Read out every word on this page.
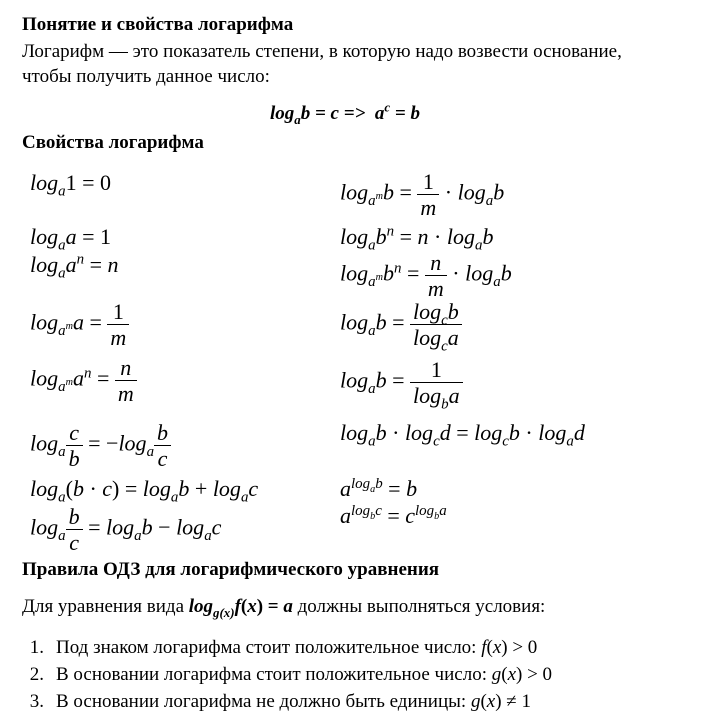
Понятие и свойства логарифма
Логарифм — это показатель степени, в которую надо возвести основание,
чтобы получить данное число:
$\log_ab = c => a^c = b$
Свойства логарифма
$\log_a1 = 0$
$\log_aa = 1$
$\log_aa^n = n$
$\log_{a^m}a = \frac{1}{m}$
$\log_{a^m}a^n = \frac{n}{m}$
$\log_a \frac{c}{b} = -\log_a \frac{b}{c}$
$\log_a(b \cdot c) = \log_ab + \log_ac$
$\log_a \frac{b}{c} = \log_ab - \log_ac$
$\log_{a^m}b = \frac{1}{m} \cdot \log_ab$
$\log_ab^n = n \cdot \log_ab$
$\log_{a^m}b^n = \frac{n}{m} \cdot \log_ab$
$\log_ab = \frac{\log_cb}{\log_ca}$
$\log_ab = \frac{1}{\log_ba}$
$\log_ab \cdot \log_cd = \log_cb \cdot \log_ad$
$a^{log_ab} = b$
$a^{log_bc} = c^{log_ba}$
Правила ОДЗ для логарифмического уравнения
Для уравнения вида $\log_{g(x)}f(x) = a$ должны выполняться условия:
1. Под знаком логарифма стоит положительное число: f(x) > 0
2. В основании логарифма стоит положительное число: g(x) > 0
3. В основании логарифма не должно быть единицы: g(x) ≠ 1
